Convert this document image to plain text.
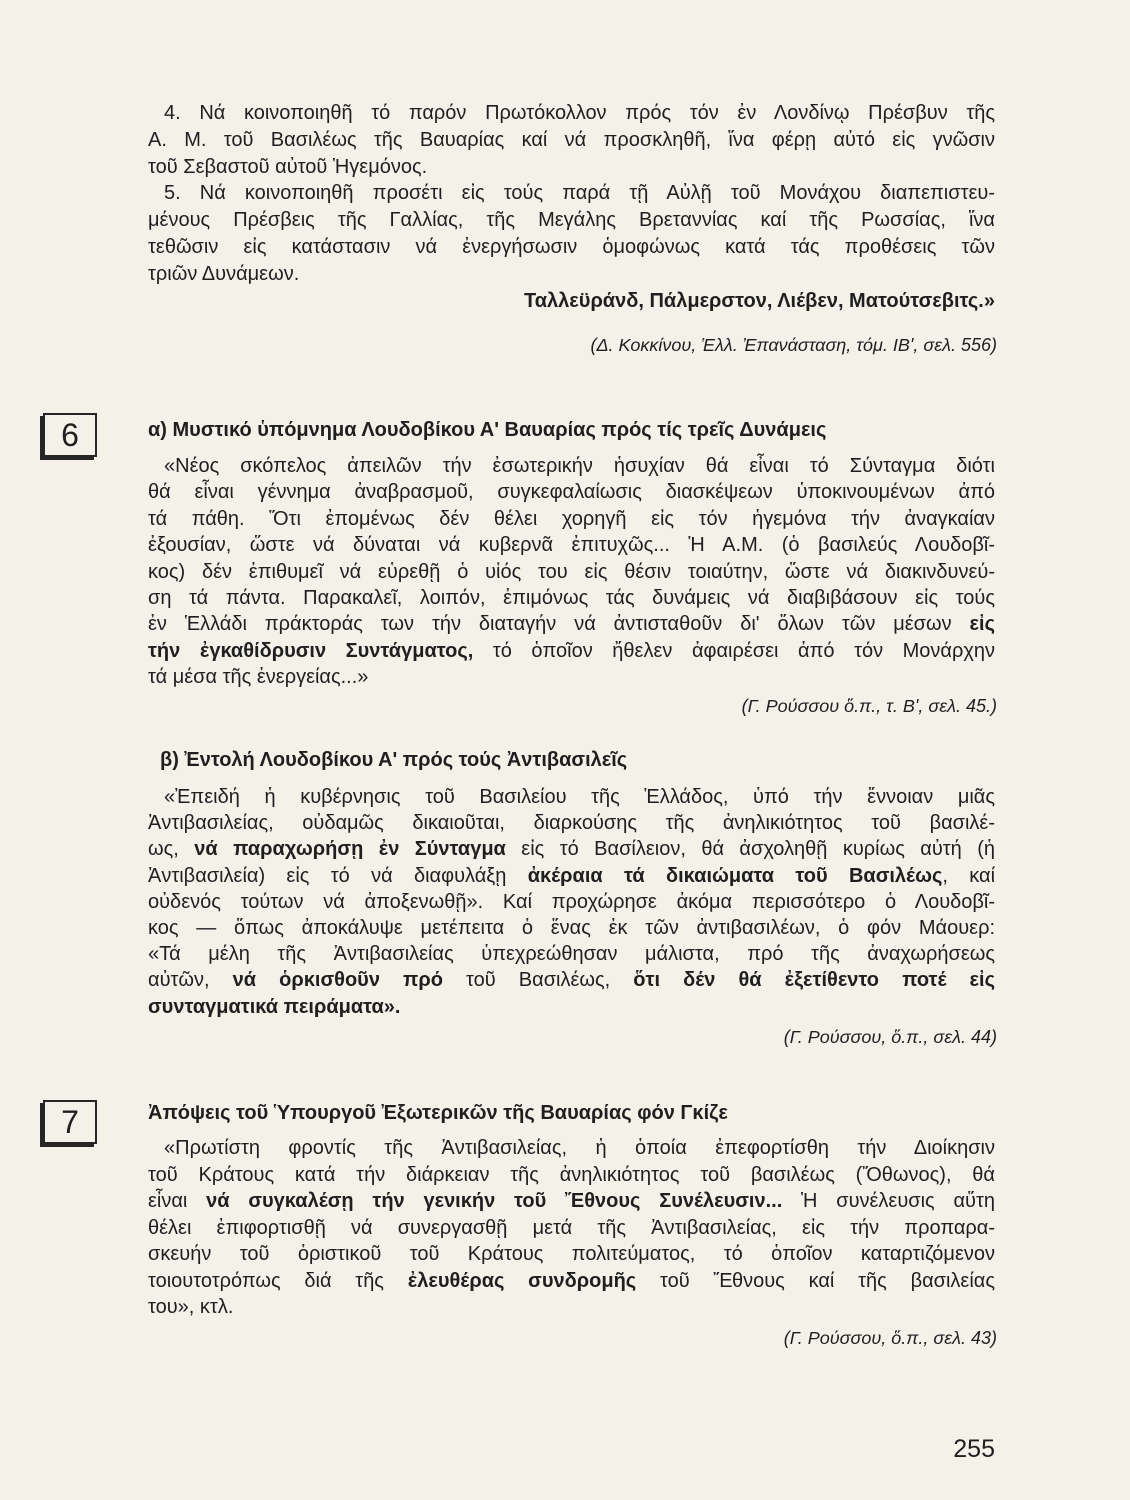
4. Νά κοινοποιηθῆ τό παρόν Πρωτόκολλον πρός τόν ἐν Λονδίνῳ Πρέσβυν τῆς
Α. Μ. τοῦ Βασιλέως τῆς Βαυαρίας καί νά προσκληθῆ, ἵνα φέρῃ αὐτό εἰς γνῶσιν
τοῦ Σεβαστοῦ αὐτοῦ Ἡγεμόνος.
5. Νά κοινοποιηθῆ προσέτι εἰς τούς παρά τῇ Αὐλῇ τοῦ Μονάχου διαπεπιστευ-
μένους Πρέσβεις τῆς Γαλλίας, τῆς Μεγάλης Βρεταννίας καί τῆς Ρωσσίας, ἵνα
τεθῶσιν εἰς κατάστασιν νά ἐνεργήσωσιν ὁμοφώνως κατά τάς προθέσεις τῶν
τριῶν Δυνάμεων.
Ταλλεϋράνδ, Πάλμερστον, Λιέβεν, Ματούτσεβιτς.»
(Δ. Κοκκίνου, Ἑλλ. Ἐπανάσταση, τόμ. ΙΒ', σελ. 556)
6	α) Μυστικό ὑπόμνημα Λουδοβίκου Α' Βαυαρίας πρός τίς τρεῖς Δυνάμεις
«Νέος σκόπελος ἀπειλῶν τήν ἐσωτερικήν ἡσυχίαν θά εἶναι τό Σύνταγμα διότι
θά εἶναι γέννημα ἀναβρασμοῦ, συγκεφαλαίωσις διασκέψεων ὑποκινουμένων ἀπό
τά πάθη. Ὅτι ἐπομένως δέν θέλει χορηγῆ εἰς τόν ἡγεμόνα τήν ἀναγκαίαν
ἐξουσίαν, ὥστε νά δύναται νά κυβερνᾶ ἐπιτυχῶς... Ἡ Α.Μ. (ὁ βασιλεύς Λουδοβῖ-
κος) δέν ἐπιθυμεῖ νά εὑρεθῇ ὁ υἱός του εἰς θέσιν τοιαύτην, ὥστε νά διακινδυνεύ-
ση τά πάντα. Παρακαλεῖ, λοιπόν, ἐπιμόνως τάς δυνάμεις νά διαβιβάσουν εἰς τούς
ἐν Ἑλλάδι πράκτοράς των τήν διαταγήν νά ἀντισταθοῦν δι' ὅλων τῶν μέσων εἰς
τήν ἐγκαθίδρυσιν Συντάγματος, τό ὁποῖον ἤθελεν ἀφαιρέσει ἀπό τόν Μονάρχην
τά μέσα τῆς ἐνεργείας...»
(Γ. Ρούσσου ὅ.π., τ. Β', σελ. 45.)
β) Ἐντολή Λουδοβίκου Α' πρός τούς Ἀντιβασιλεῖς
«Ἐπειδή ἡ κυβέρνησις τοῦ Βασιλείου τῆς Ἑλλάδος, ὑπό τήν ἔννοιαν μιᾶς
Ἀντιβασιλείας, οὐδαμῶς δικαιοῦται, διαρκούσης τῆς ἀνηλικιότητος τοῦ βασιλέ-
ως, νά παραχωρήσῃ ἐν Σύνταγμα εἰς τό Βασίλειον, θά ἀσχοληθῇ κυρίως αὐτή (ἡ
Ἀντιβασιλεία) εἰς τό νά διαφυλάξῃ ἀκέραια τά δικαιώματα τοῦ Βασιλέως, καί
οὐδενός τούτων νά ἀποξενωθῇ». Καί προχώρησε ἀκόμα περισσότερο ὁ Λουδοβῖ-
κος — ὅπως ἀποκάλυψε μετέπειτα ὁ ἕνας ἐκ τῶν ἀντιβασιλέων, ὁ φόν Μάουερ:
«Τά μέλη τῆς Ἀντιβασιλείας ὑπεχρεώθησαν μάλιστα, πρό τῆς ἀναχωρήσεως
αὐτῶν, νά ὁρκισθοῦν πρό τοῦ Βασιλέως, ὅτι δέν θά ἐξετίθεντο ποτέ εἰς
συνταγματικά πειράματα».
(Γ. Ρούσσου, ὅ.π., σελ. 44)
7	Ἀπόψεις τοῦ Ὑπουργοῦ Ἐξωτερικῶν τῆς Βαυαρίας φόν Γκίζε
«Πρωτίστη φροντίς τῆς Ἀντιβασιλείας, ἡ ὁποία ἐπεφορτίσθη τήν Διοίκησιν
τοῦ Κράτους κατά τήν διάρκειαν τῆς ἀνηλικιότητος τοῦ βασιλέως (Ὄθωνος), θά
εἶναι νά συγκαλέσῃ τήν γενικήν τοῦ Ἔθνους Συνέλευσιν... Ἡ συνέλευσις αὕτη
θέλει ἐπιφορτισθῇ νά συνεργασθῇ μετά τῆς Ἀντιβασιλείας, εἰς τήν προπαρα-
σκευήν τοῦ ὁριστικοῦ τοῦ Κράτους πολιτεύματος, τό ὁποῖον καταρτιζόμενον
τοιουτοτρόπως διά τῆς ἐλευθέρας συνδρομῆς τοῦ Ἔθνους καί τῆς βασιλείας
του», κτλ.
(Γ. Ρούσσου, ὅ.π., σελ. 43)
255
